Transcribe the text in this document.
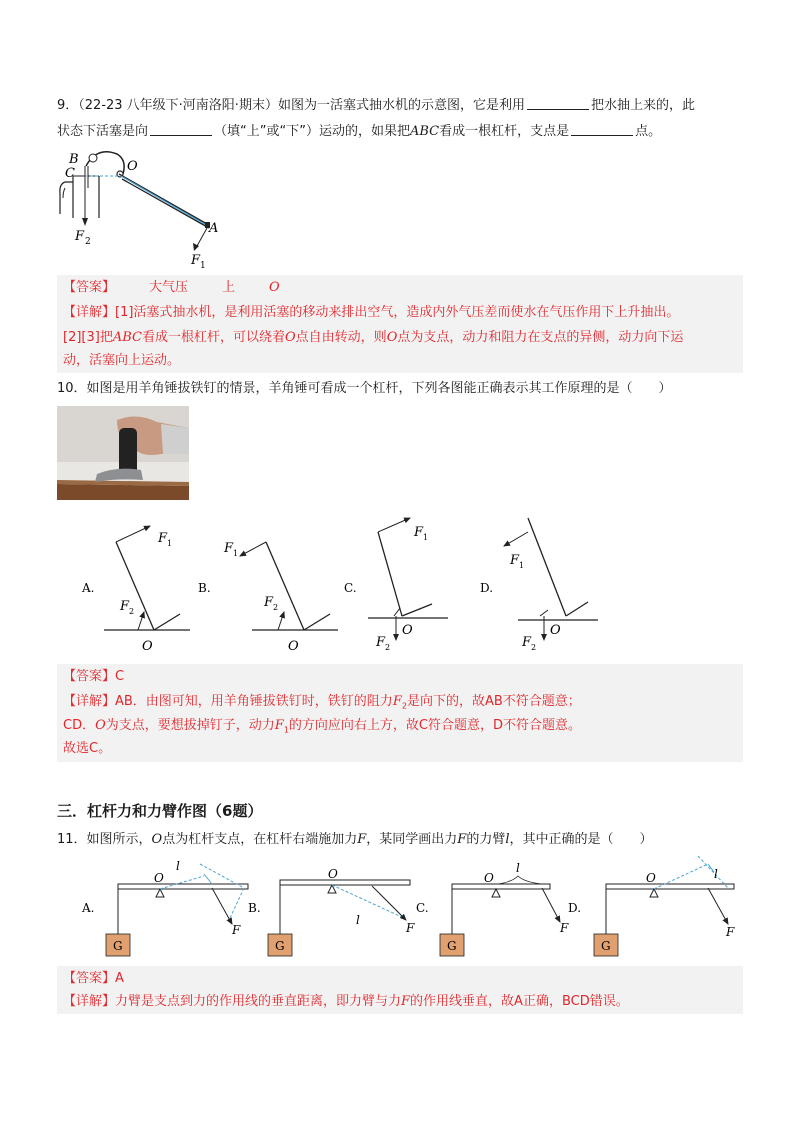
9．（22-23 八年级下·河南洛阳·期末）如图为一活塞式抽水机的示意图，它是利用	把水抽上来的，此
状态下活塞是向	（填“上”或“下”）运动的，如果把ABC看成一根杠杆，支点是	点。
B
C	O
A
F 2
F 1
【答案】	大气压	上	O
【详解】[1]活塞式抽水机，是利用活塞的移动来排出空气，造成内外气压差而使水在气压作用下上升抽出。
[2][3]把ABC看成一根杠杆，可以绕着O点自由转动，则O点为支点，动力和阻力在支点的异侧，动力向下运
动，活塞向上运动。
10．如图是用羊角锤拔铁钉的情景，羊角锤可看成一个杠杆，下列各图能正确表示其工作原理的是（　　）
A.
F 1
F 2
O
B.
F 1
F 2
O
C.
F 1
F 2
O
D.
F 1
F 2
O
【答案】C
【详解】AB．由图可知，用羊角锤拔铁钉时，铁钉的阻力$F_2$是向下的，故AB不符合题意；
CD．O为支点，要想拔掉钉子，动力$F_1$的方向应向右上方，故C符合题意，D不符合题意。
故选C。
三．杠杆力和力臂作图（6题）
11．如图所示，O点为杠杆支点，在杠杆右端施加力F，某同学画出力F的力臂l，其中正确的是（　　）
A.
G
O
l
F
B.
G
O
l
F
C.
G
O
l
F
D.
G
O	l
F
【答案】A
【详解】力臂是支点到力的作用线的垂直距离，即力臂与力F的作用线垂直，故A正确，BCD错误。
